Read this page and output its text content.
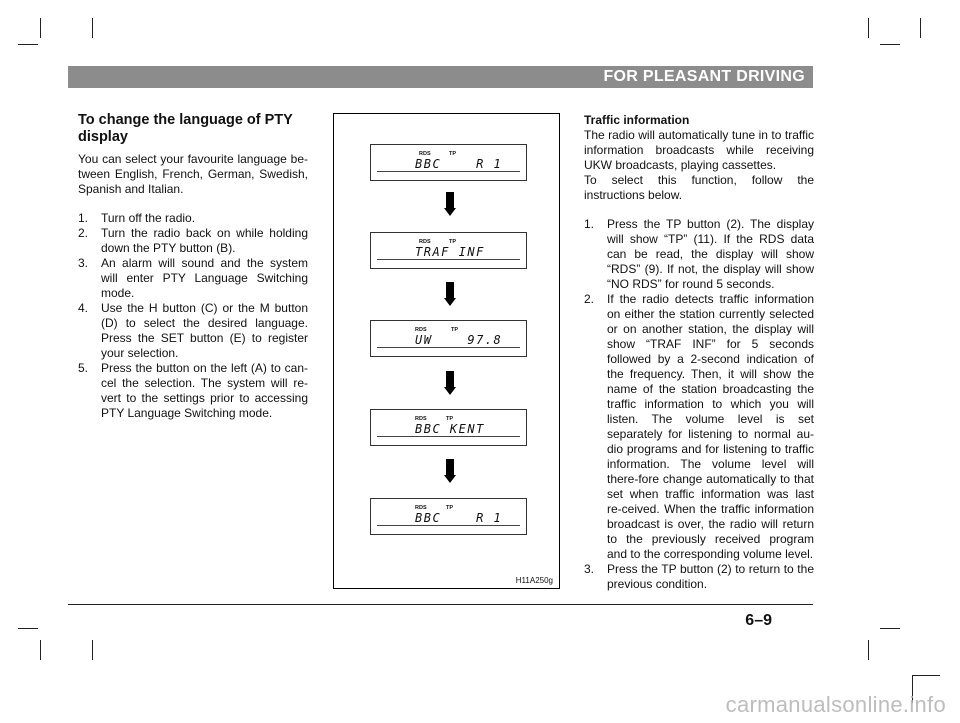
FOR PLEASANT DRIVING
To change the language of PTY display

You can select your favourite language be-tween English, French, German, Swedish, Spanish and Italian.

1. Turn off the radio.
2. Turn the radio back on while holding down the PTY button (B).
3. An alarm will sound and the system will enter PTY Language Switching mode.
4. Use the H button (C) or the M button (D) to select the desired language. Press the SET button (E) to register your selection.
5. Press the button on the left (A) to can-cel the selection. The system will re-vert to the settings prior to accessing PTY Language Switching mode.
RDS	TP
BBC    R 1
RDS	TP
TRAF INF
RDS	TP
UW    97.8
RDS	TP
BBC KENT
RDS	TP
BBC    R 1
H11A250g
Traffic information
The radio will automatically tune in to traffic information broadcasts while receiving UKW broadcasts, playing cassettes.

To select this function, follow the instructions below.

1. Press the TP button (2). The display will show “TP” (11). If the RDS data can be read, the display will show “RDS” (9). If not, the display will show “NO RDS” for round 5 seconds.
2. If the radio detects traffic information on either the station currently selected or on another station, the display will show “TRAF INF” for 5 seconds followed by a 2-second indication of the frequency. Then, it will show the name of the station broadcasting the traffic information to which you will listen. The volume level is set separately for listening to normal au-dio programs and for listening to traffic information. The volume level will there-fore change automatically to that set when traffic information was last re-ceived. When the traffic information broadcast is over, the radio will return to the previously received program and to the corresponding volume level.
3. Press the TP button (2) to return to the previous condition.
6–9
carmanualsonline.info
